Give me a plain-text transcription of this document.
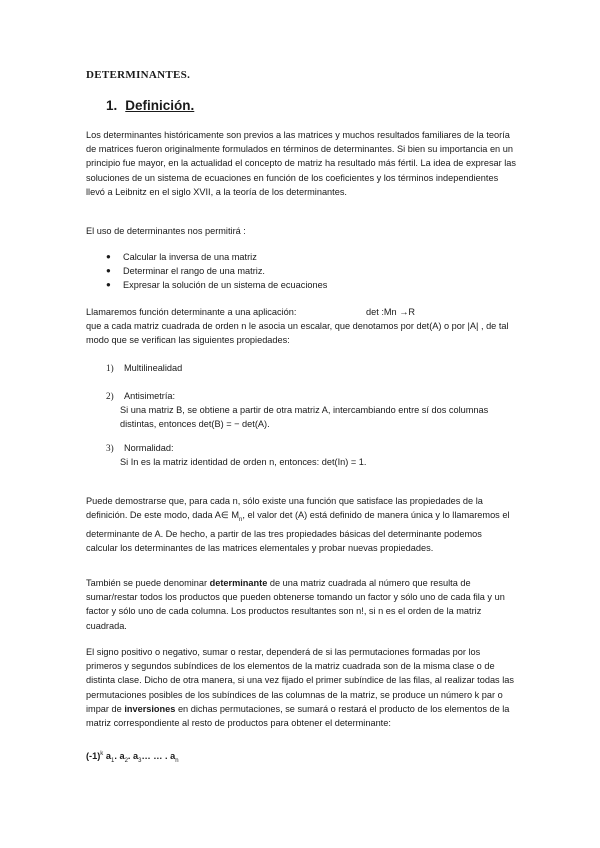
DETERMINANTES.
1. Definición.
Los determinantes históricamente son previos a las matrices y muchos resultados familiares de la teoría de matrices fueron originalmente formulados en términos de determinantes. Si bien su importancia en un principio fue mayor, en la actualidad el concepto de matriz ha resultado más fértil. La idea de expresar las soluciones de un sistema de ecuaciones en función de los coeficientes y los términos independientes llevó a Leibnitz en el siglo XVII, a la teoría de los determinantes.
El uso de determinantes nos permitirá :
● Calcular la inversa de una matriz
● Determinar el rango de una matriz.
● Expresar la solución de un sistema de ecuaciones
Llamaremos función determinante a una aplicación:	det :Mn →R
que a cada matriz cuadrada de orden n le asocia un escalar, que denotamos por det(A) o por |A| , de tal modo que se verifican las siguientes propiedades:
1) Multilinealidad
2) Antisimetría:
Si una matriz B, se obtiene a partir de otra matriz A, intercambiando entre sí dos columnas distintas, entonces det(B) = − det(A).
3) Normalidad:
Si In es la matriz identidad de orden n, entonces: det(In) = 1.
Puede demostrarse que, para cada n, sólo existe una función que satisface las propiedades de la definición. De este modo, dada A∈ $M_n$, el valor det (A) está definido de manera única y lo llamaremos el determinante de A. De hecho, a partir de las tres propiedades básicas del determinante podemos calcular los determinantes de las matrices elementales y probar nuevas propiedades.
También se puede denominar determinante de una matriz cuadrada al número que resulta de sumar/restar todos los productos que pueden obtenerse tomando un factor y sólo uno de cada fila y un factor y sólo uno de cada columna. Los productos resultantes son n!, si n es el orden de la matriz cuadrada.
El signo positivo o negativo, sumar o restar, dependerá de si las permutaciones formadas por los primeros y segundos subíndices de los elementos de la matriz cuadrada son de la misma clase o de distinta clase. Dicho de otra manera, si una vez fijado el primer subíndice de las filas, al realizar todas las permutaciones posibles de los subíndices de las columnas de la matriz, se produce un número k par o impar de inversiones en dichas permutaciones, se sumará o restará el producto de los elementos de la matriz correspondiente al resto de productos para obtener el determinante:
$(-1)^k$ $a_1$. $a_2$. $a_3\dots$ … . $a_n$
